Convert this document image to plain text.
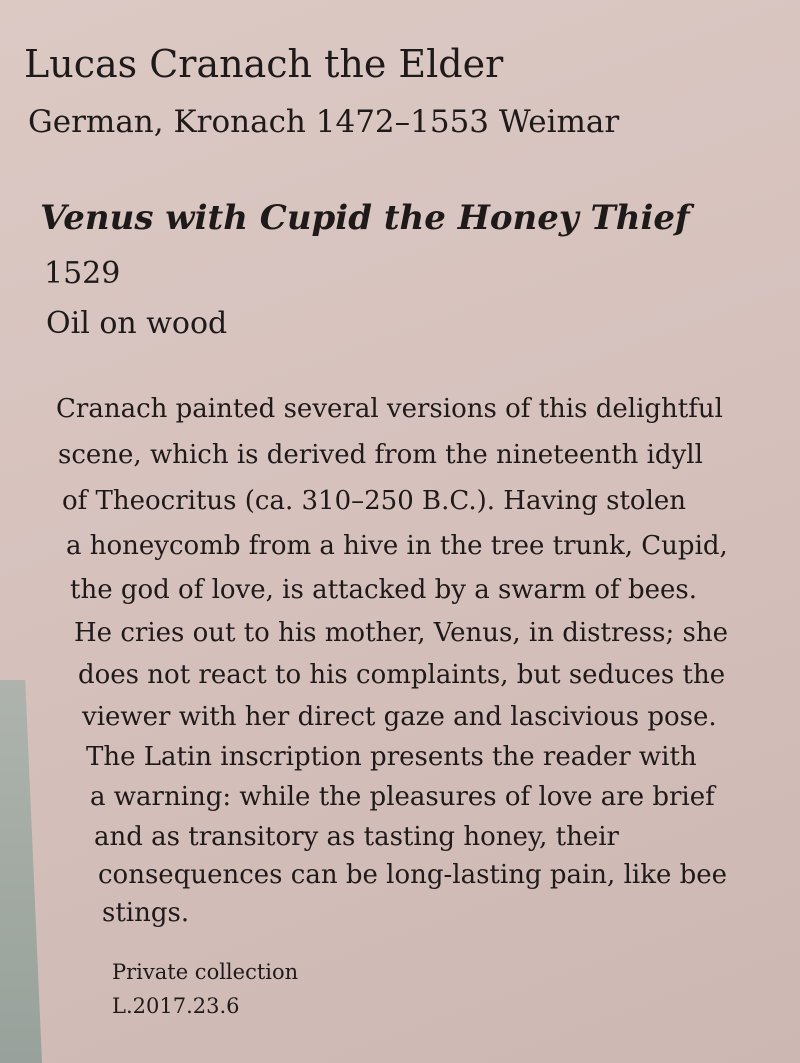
Lucas Cranach the Elder

German, Kronach 1472–1553 Weimar

Venus with Cupid the Honey Thief

1529

Oil on wood

Cranach painted several versions of this delightful

scene, which is derived from the nineteenth idyll

of Theocritus (ca. 310–250 B.C.). Having stolen

a honeycomb from a hive in the tree trunk, Cupid,

the god of love, is attacked by a swarm of bees.

He cries out to his mother, Venus, in distress; she

does not react to his complaints, but seduces the

viewer with her direct gaze and lascivious pose.

The Latin inscription presents the reader with

a warning: while the pleasures of love are brief

and as transitory as tasting honey, their

consequences can be long-lasting pain, like bee

stings.

Private collection

L.2017.23.6
